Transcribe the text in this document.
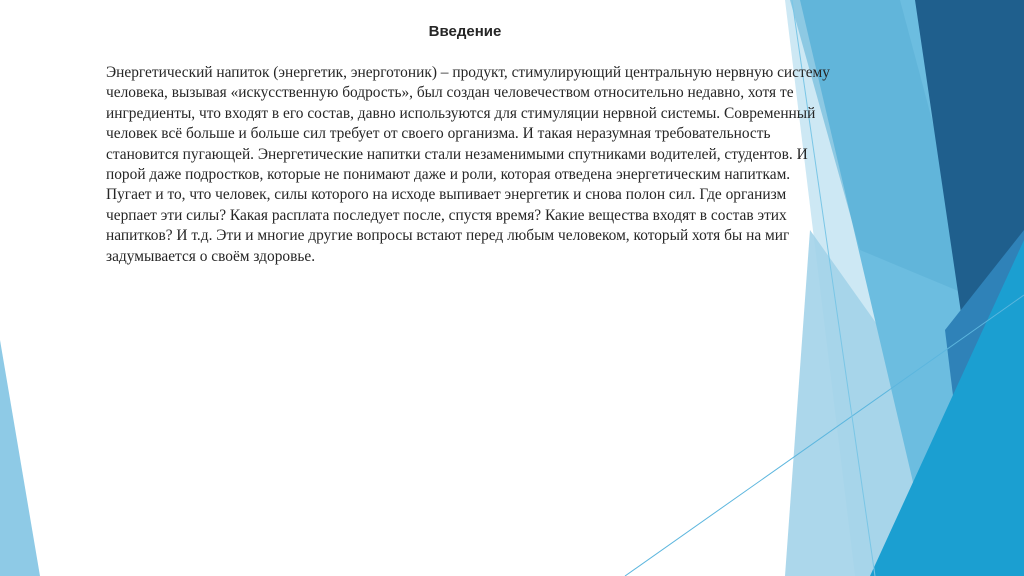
Введение

Энергетический напиток (энергетик, энерготоник) – продукт, стимулирующий центральную нервную систему человека, вызывая «искусственную бодрость», был создан человечеством относительно недавно, хотя те ингредиенты, что входят в его состав, давно используются для стимуляции нервной системы. Современный человек всё больше и больше сил требует от своего организма. И такая неразумная требовательность становится пугающей. Энергетические напитки стали незаменимыми спутниками водителей, студентов. И порой даже подростков, которые не понимают даже и роли, которая отведена энергетическим напиткам. Пугает и то, что человек, силы которого на исходе выпивает энергетик и снова полон сил. Где организм черпает эти силы? Какая расплата последует после, спустя время? Какие вещества входят в состав этих напитков? И т.д. Эти и многие другие вопросы встают перед любым человеком, который хотя бы на миг задумывается о своём здоровье.
